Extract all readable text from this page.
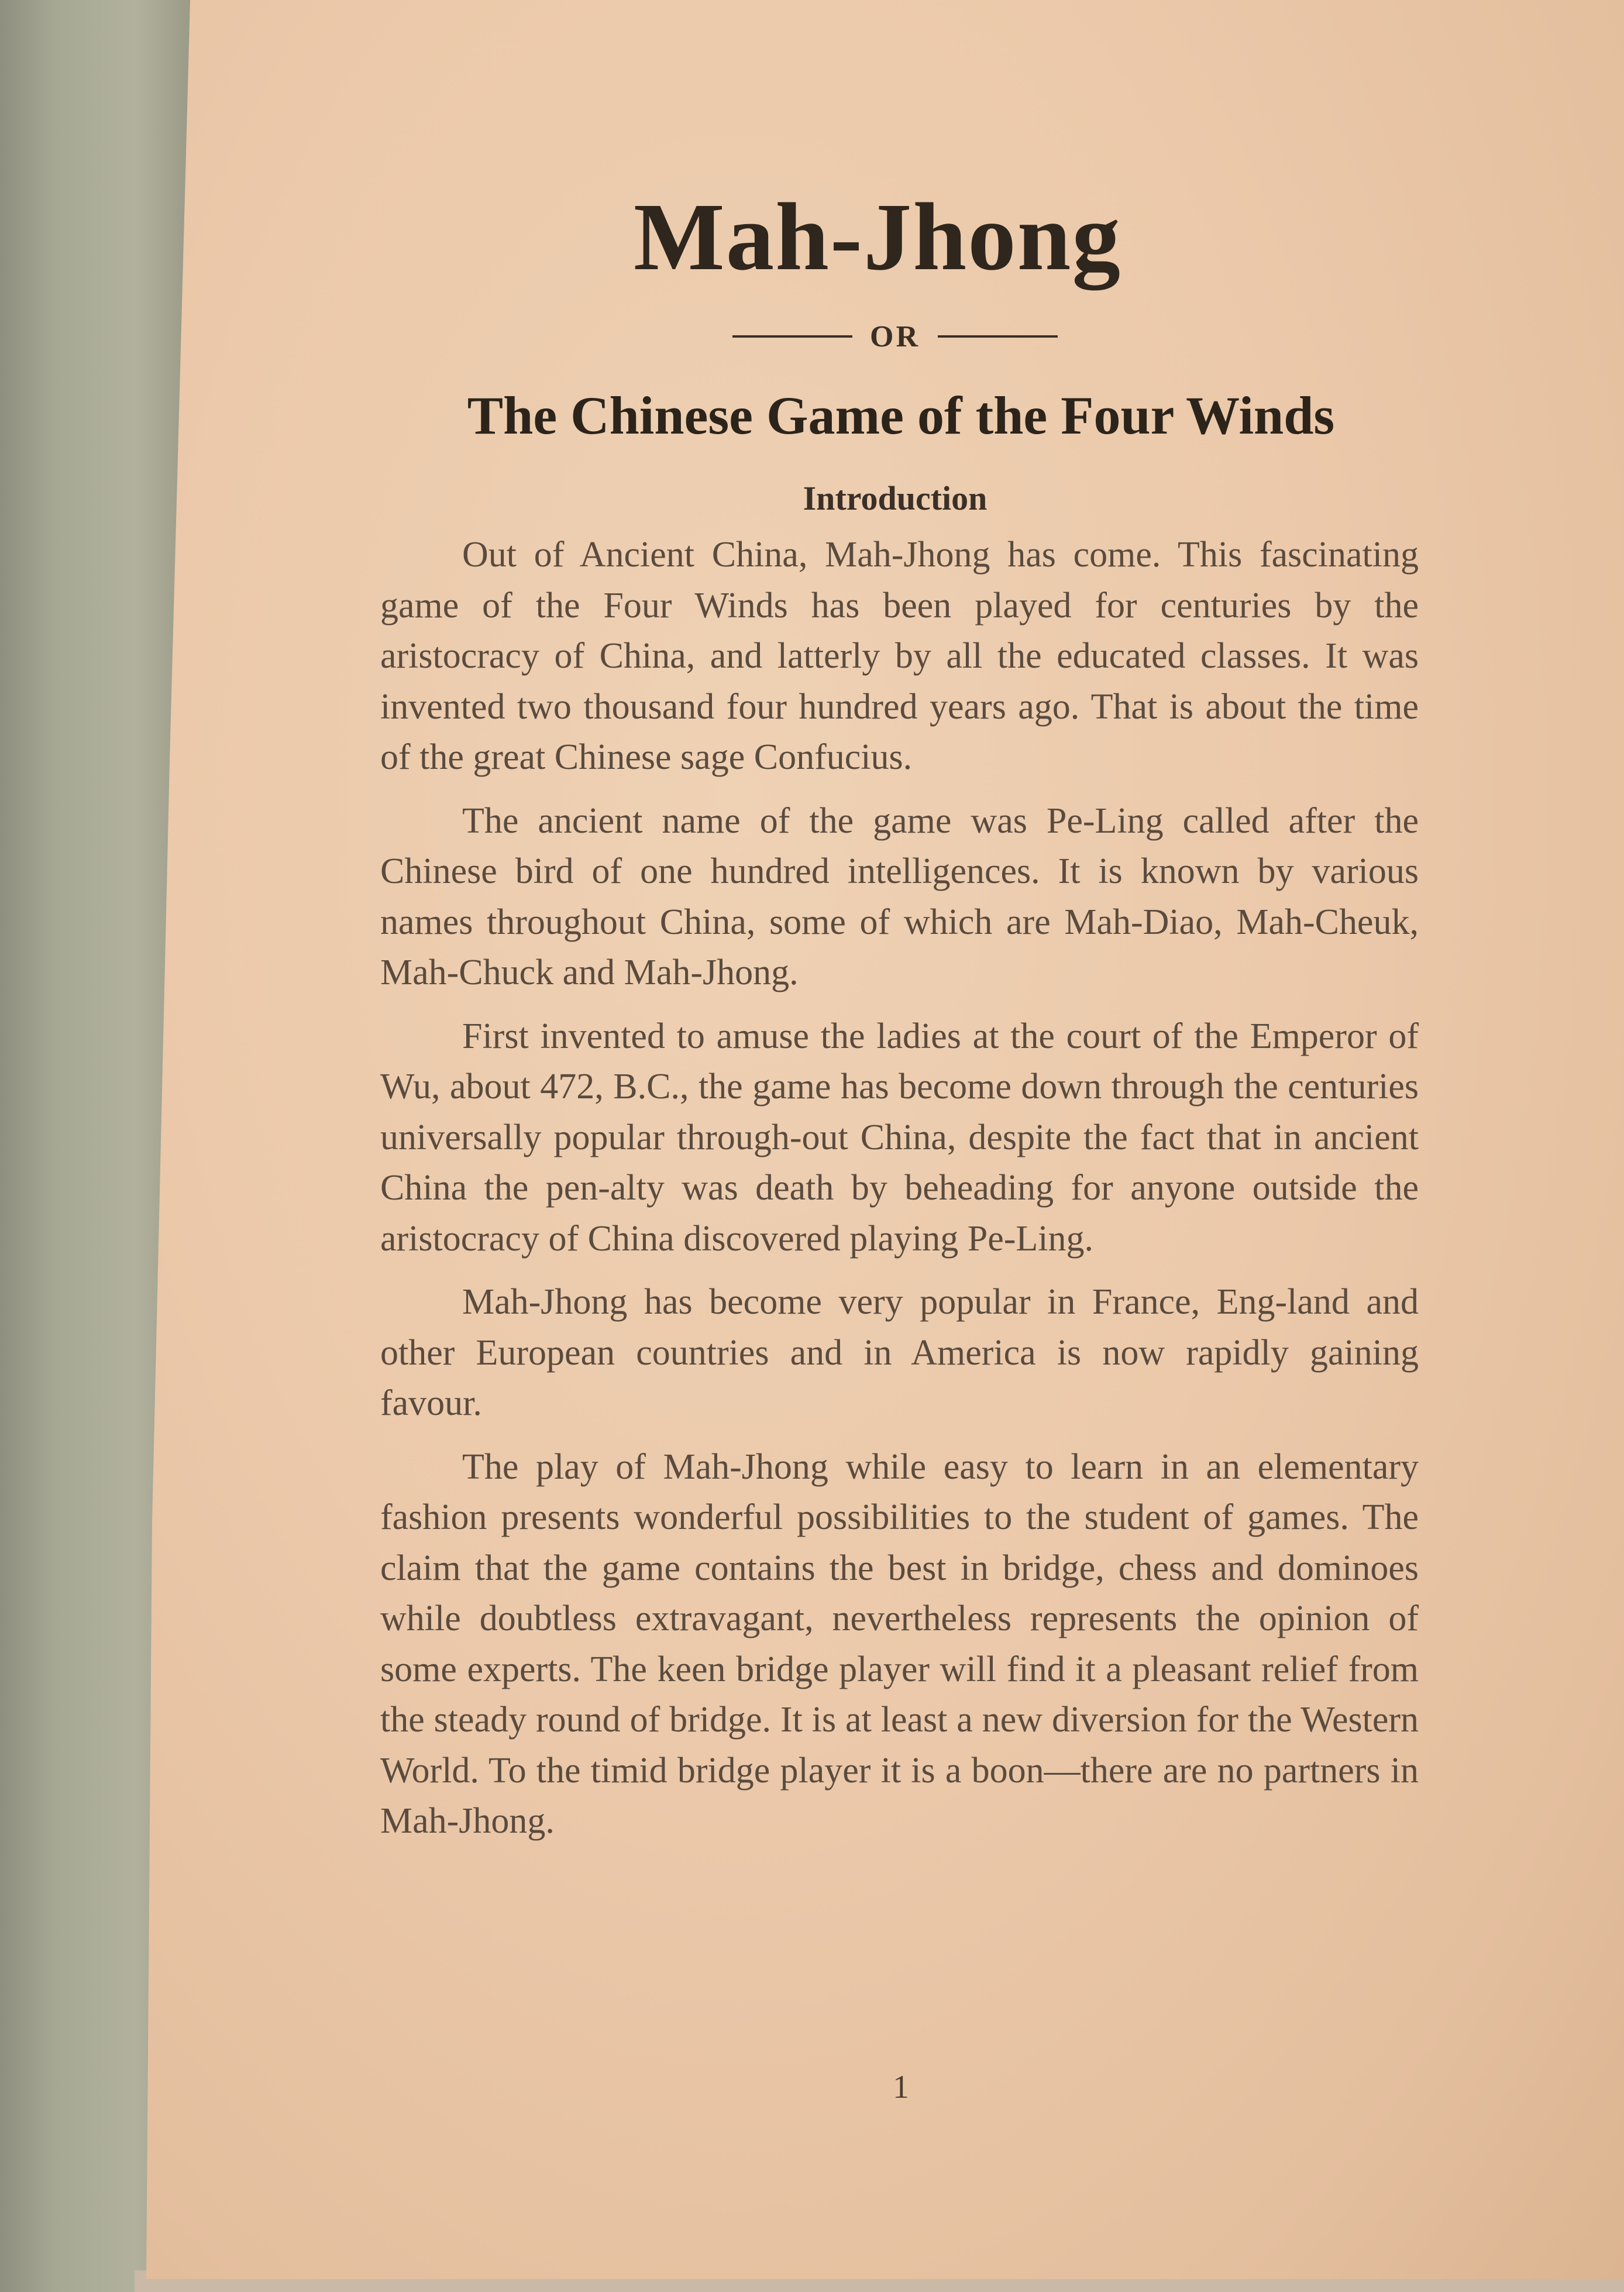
Mah-Jhong
OR
The Chinese Game of the Four Winds
Introduction

Out of Ancient China, Mah-Jhong has come. This fascinating game of the Four Winds has been played for centuries by the aristocracy of China, and latterly by all the educated classes. It was invented two thousand four hundred years ago. That is about the time of the great Chinese sage Confucius.

The ancient name of the game was Pe-Ling called after the Chinese bird of one hundred intelligences. It is known by various names throughout China, some of which are Mah-Diao, Mah-Cheuk, Mah-Chuck and Mah-Jhong.

First invented to amuse the ladies at the court of the Emperor of Wu, about 472, B.C., the game has become down through the centuries universally popular through-out China, despite the fact that in ancient China the pen-alty was death by beheading for anyone outside the aristocracy of China discovered playing Pe-Ling.

Mah-Jhong has become very popular in France, Eng-land and other European countries and in America is now rapidly gaining favour.

The play of Mah-Jhong while easy to learn in an elementary fashion presents wonderful possibilities to the student of games. The claim that the game contains the best in bridge, chess and dominoes while doubtless extravagant, nevertheless represents the opinion of some experts. The keen bridge player will find it a pleasant relief from the steady round of bridge. It is at least a new diversion for the Western World. To the timid bridge player it is a boon—there are no partners in Mah-Jhong.

1
